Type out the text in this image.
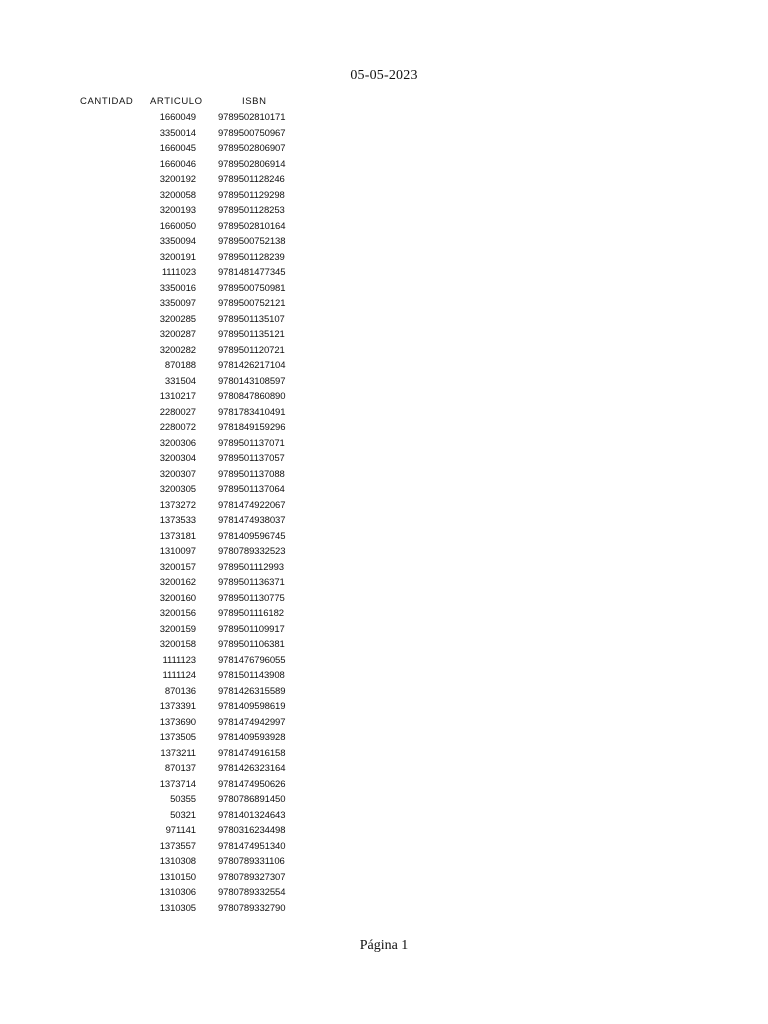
05-05-2023
CANTIDAD ARTICULO	ISBN
1660049 9789502810171
3350014 9789500750967
1660045 9789502806907
1660046 9789502806914
3200192 9789501128246
3200058 9789501129298
3200193 9789501128253
1660050 9789502810164
3350094 9789500752138
3200191 9789501128239
1111023 9781481477345
3350016 9789500750981
3350097 9789500752121
3200285 9789501135107
3200287 9789501135121
3200282 9789501120721
870188 9781426217104
331504 9780143108597
1310217 9780847860890
2280027 9781783410491
2280072 9781849159296
3200306 9789501137071
3200304 9789501137057
3200307 9789501137088
3200305 9789501137064
1373272 9781474922067
1373533 9781474938037
1373181 9781409596745
1310097 9780789332523
3200157 9789501112993
3200162 9789501136371
3200160 9789501130775
3200156 9789501116182
3200159 9789501109917
3200158 9789501106381
1111123 9781476796055
1111124 9781501143908
870136 9781426315589
1373391 9781409598619
1373690 9781474942997
1373505 9781409593928
1373211 9781474916158
870137 9781426323164
1373714 9781474950626
50355 9780786891450
50321 9781401324643
971141 9780316234498
1373557 9781474951340
1310308 9780789331106
1310150 9780789327307
1310306 9780789332554
1310305 9780789332790
Página 1
